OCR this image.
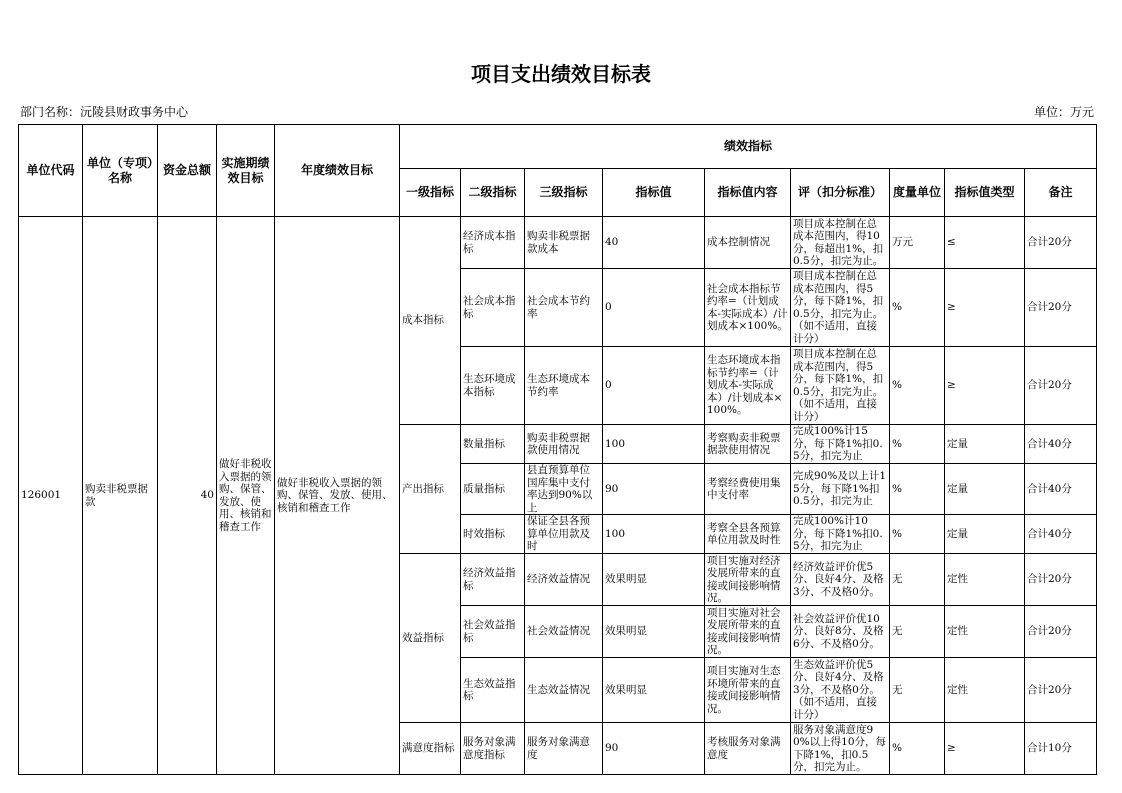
项目支出绩效目标表
部门名称：沅陵县财政事务中心	单位：万元
单位代码	单位（专项）名称	资金总额	实施期绩效目标	年度绩效目标	绩效指标								
					一级指标	二级指标	三级指标	指标值	指标值内容	评（扣分标准）	度量单位	指标值类型	备注
126001	购卖非税票据款	40	做好非税收入票据的领购、保管、发放、使用、核销和稽查工作	做好非税收入票据的领购、保管、发放、使用、核销和稽查工作	成本指标	经济成本指标	购卖非税票据款成本	40	成本控制情况	项目成本控制在总成本范围内，得10分，每超出1%，扣0.5分，扣完为止。	万元	≤	合计20分
						社会成本指标	社会成本节约率	0	社会成本指标节约率=（计划成本-实际成本）/计划成本×100%。	项目成本控制在总成本范围内，得5分，每下降1%，扣0.5分，扣完为止。（如不适用，直接计分）	%	≥	合计20分
						生态环境成本指标	生态环境成本节约率	0	生态环境成本指标节约率=（计划成本-实际成本）/计划成本×100%。	项目成本控制在总成本范围内，得5分，每下降1%，扣0.5分，扣完为止。（如不适用，直接计分）	%	≥	合计20分
					产出指标	数量指标	购卖非税票据款使用情况	100	考察购卖非税票据款使用情况	完成100%计15分，每下降1%扣0.5分，扣完为止	%	定量	合计40分
						质量指标	县直预算单位国库集中支付率达到90%以上	90	考察经费使用集中支付率	完成90%及以上计15分，每下降1%扣0.5分，扣完为止	%	定量	合计40分
						时效指标	保证全县各预算单位用款及时	100	考察全县各预算单位用款及时性	完成100%计10分，每下降1%扣0.5分，扣完为止	%	定量	合计40分
					效益指标	经济效益指标	经济效益情况	效果明显	项目实施对经济发展所带来的直接或间接影响情况。	经济效益评价优5分、良好4分、及格3分、不及格0分。	无	定性	合计20分
						社会效益指标	社会效益情况	效果明显	项目实施对社会发展所带来的直接或间接影响情况。	社会效益评价优10分、良好8分、及格6分、不及格0分。	无	定性	合计20分
						生态效益指标	生态效益情况	效果明显	项目实施对生态环境所带来的直接或间接影响情况。	生态效益评价优5分、良好4分、及格3分，不及格0分。（如不适用，直接计分）	无	定性	合计20分
					满意度指标	服务对象满意度指标	服务对象满意度	90	考核服务对象满意度	服务对象满意度90%以上得10分，每下降1%，扣0.5分，扣完为止。	%	≥	合计10分
